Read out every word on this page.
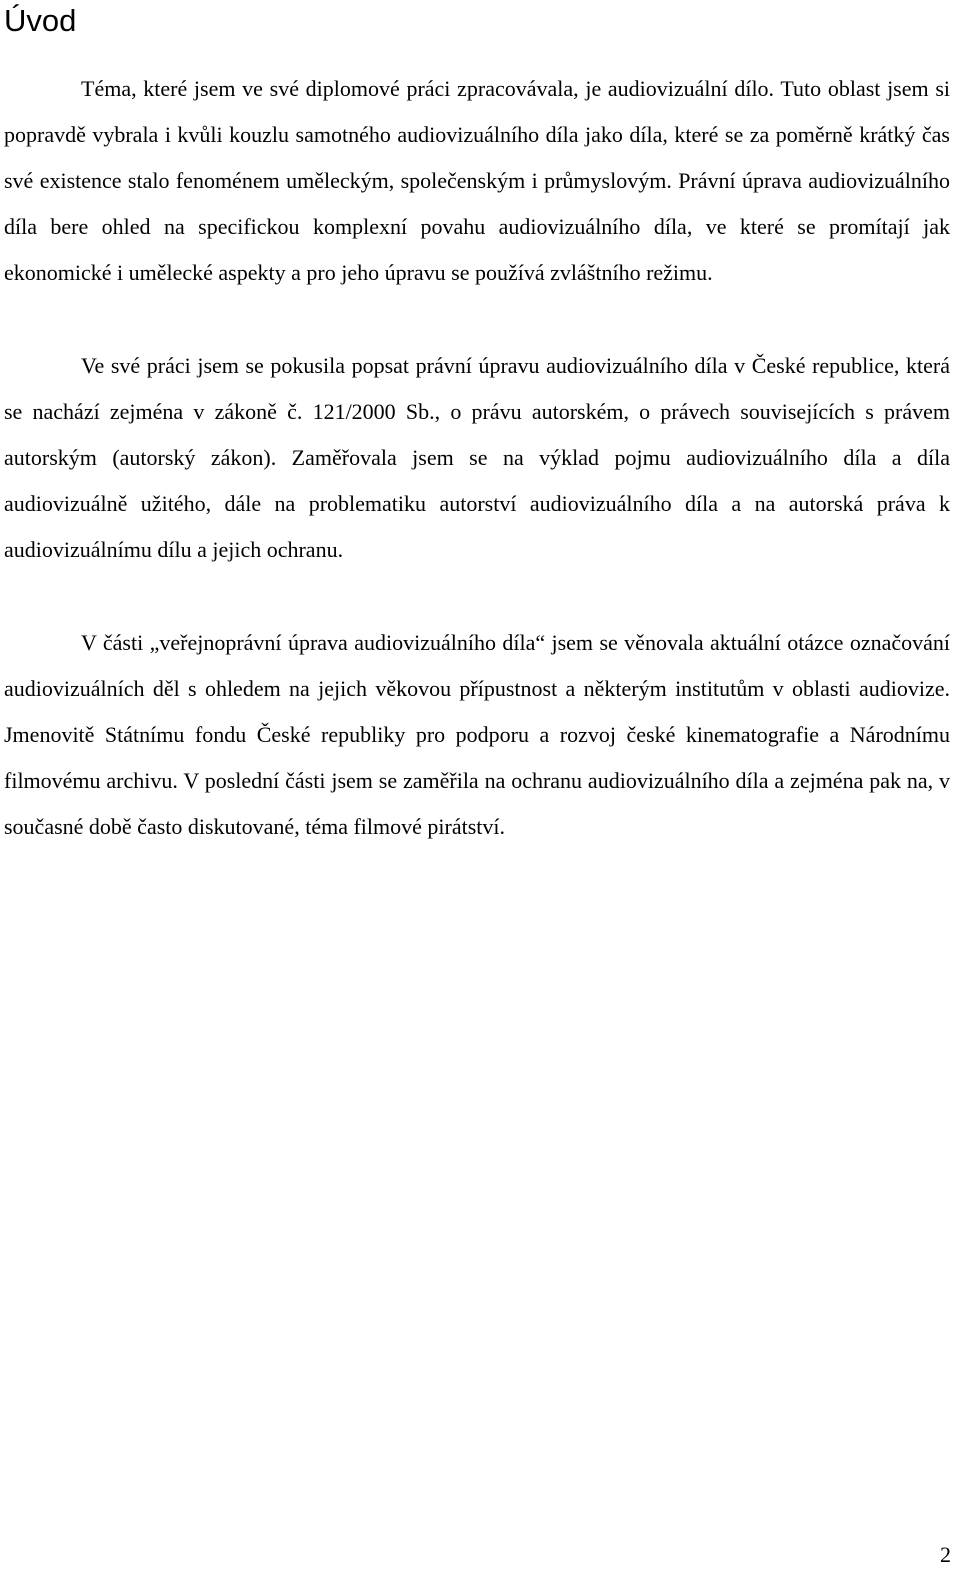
Úvod

Téma, které jsem ve své diplomové práci zpracovávala, je audiovizuální dílo. Tuto oblast jsem si popravdě vybrala i kvůli kouzlu samotného audiovizuálního díla jako díla, které se za poměrně krátký čas své existence stalo fenoménem uměleckým, společenským i průmyslovým. Právní úprava audiovizuálního díla bere ohled na specifickou komplexní povahu audiovizuálního díla, ve které se promítají jak ekonomické i umělecké aspekty a pro jeho úpravu se používá zvláštního režimu.

Ve své práci jsem se pokusila popsat právní úpravu audiovizuálního díla v České republice, která se nachází zejména v zákoně č. 121/2000 Sb., o právu autorském, o právech souvisejících s právem autorským (autorský zákon). Zaměřovala jsem se na výklad pojmu audiovizuálního díla a díla audiovizuálně užitého, dále na problematiku autorství audiovizuálního díla a na autorská práva k audiovizuálnímu dílu a jejich ochranu.

V části „veřejnoprávní úprava audiovizuálního díla“ jsem se věnovala aktuální otázce označování audiovizuálních děl s ohledem na jejich věkovou přípustnost a některým institutům v oblasti audiovize. Jmenovitě Státnímu fondu České republiky pro podporu a rozvoj české kinematografie a Národnímu filmovému archivu. V poslední části jsem se zaměřila na ochranu audiovizuálního díla a zejména pak na, v současné době často diskutované, téma filmové pirátství.

2
